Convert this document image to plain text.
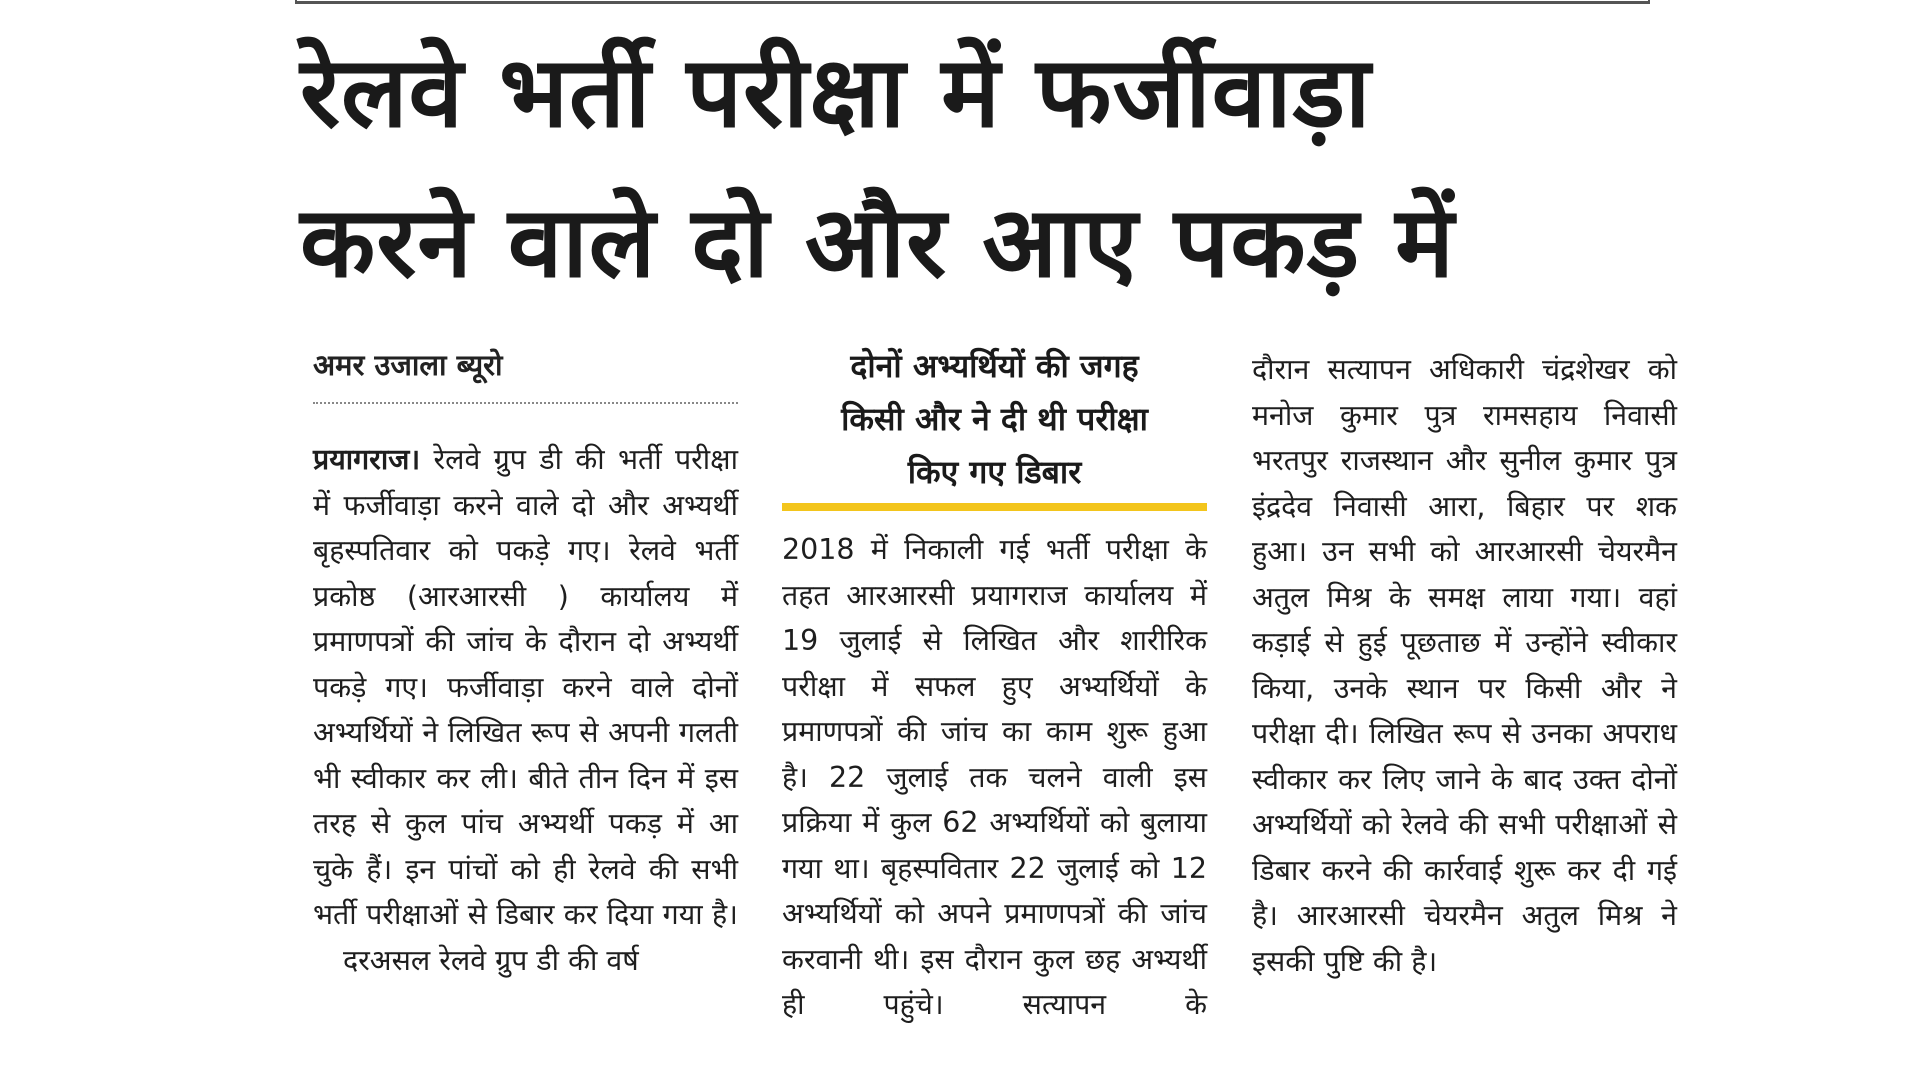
रेलवे भर्ती परीक्षा में फर्जीवाड़ा
करने वाले दो और आए पकड़ में
अमर उजाला ब्यूरो

प्रयागराज। रेलवे ग्रुप डी की भर्ती परीक्षा में फर्जीवाड़ा करने वाले दो और अभ्यर्थी बृहस्पतिवार को पकड़े गए। रेलवे भर्ती प्रकोष्ठ (आरआरसी ) कार्यालय में प्रमाणपत्रों की जांच के दौरान दो अभ्यर्थी पकड़े गए। फर्जीवाड़ा करने वाले दोनों अभ्यर्थियों ने लिखित रूप से अपनी गलती भी स्वीकार कर ली। बीते तीन दिन में इस तरह से कुल पांच अभ्यर्थी पकड़ में आ चुके हैं। इन पांचों को ही रेलवे की सभी भर्ती परीक्षाओं से डिबार कर दिया गया है।

दरअसल रेलवे ग्रुप डी की वर्ष

दोनों अभ्यर्थियों की जगह
किसी और ने दी थी परीक्षा
किए गए डिबार

2018 में निकाली गई भर्ती परीक्षा के तहत आरआरसी प्रयागराज कार्यालय में 19 जुलाई से लिखित और शारीरिक परीक्षा में सफल हुए अभ्यर्थियों के प्रमाणपत्रों की जांच का काम शुरू हुआ है। 22 जुलाई तक चलने वाली इस प्रक्रिया में कुल 62 अभ्यर्थियों को बुलाया गया था। बृहस्पवितार 22 जुलाई को 12 अभ्यर्थियों को अपने प्रमाणपत्रों की जांच करवानी थी। इस दौरान कुल छह अभ्यर्थी ही पहुंचे। सत्यापन के

दौरान सत्यापन अधिकारी चंद्रशेखर को मनोज कुमार पुत्र रामसहाय निवासी भरतपुर राजस्थान और सुनील कुमार पुत्र इंद्रदेव निवासी आरा, बिहार पर शक हुआ। उन सभी को आरआरसी चेयरमैन अतुल मिश्र के समक्ष लाया गया। वहां कड़ाई से हुई पूछताछ में उन्होंने स्वीकार किया, उनके स्थान पर किसी और ने परीक्षा दी। लिखित रूप से उनका अपराध स्वीकार कर लिए जाने के बाद उक्त दोनों अभ्यर्थियों को रेलवे की सभी परीक्षाओं से डिबार करने की कार्रवाई शुरू कर दी गई है। आरआरसी चेयरमैन अतुल मिश्र ने इसकी पुष्टि की है।
